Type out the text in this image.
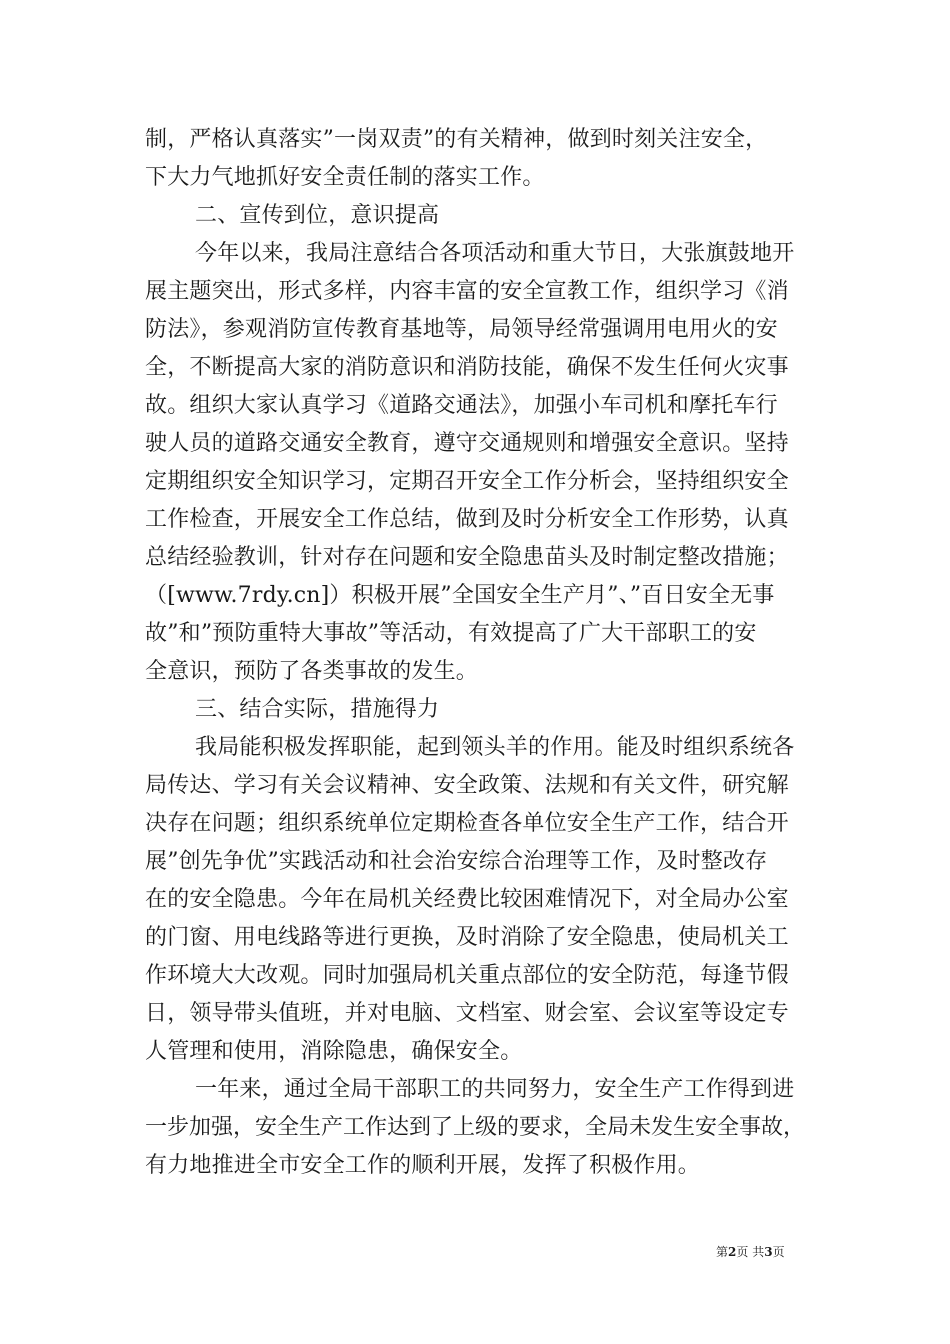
制，严格认真落实”一岗双责”的有关精神，做到时刻关注安全，
下大力气地抓好安全责任制的落实工作。
二、宣传到位，意识提高
今年以来，我局注意结合各项活动和重大节日，大张旗鼓地开
展主题突出，形式多样，内容丰富的安全宣教工作，组织学习《消
防法》，参观消防宣传教育基地等，局领导经常强调用电用火的安
全，不断提高大家的消防意识和消防技能，确保不发生任何火灾事
故。组织大家认真学习《道路交通法》，加强小车司机和摩托车行
驶人员的道路交通安全教育，遵守交通规则和增强安全意识。坚持
定期组织安全知识学习，定期召开安全工作分析会，坚持组织安全
工作检查，开展安全工作总结，做到及时分析安全工作形势，认真
总结经验教训，针对存在问题和安全隐患苗头及时制定整改措施；
（[www.7rdy.cn]）积极开展”全国安全生产月”、”百日安全无事
故”和”预防重特大事故”等活动，有效提高了广大干部职工的安
全意识，预防了各类事故的发生。
三、结合实际，措施得力
我局能积极发挥职能，起到领头羊的作用。能及时组织系统各
局传达、学习有关会议精神、安全政策、法规和有关文件，研究解
决存在问题；组织系统单位定期检查各单位安全生产工作，结合开
展”创先争优”实践活动和社会治安综合治理等工作，及时整改存
在的安全隐患。今年在局机关经费比较困难情况下，对全局办公室
的门窗、用电线路等进行更换，及时消除了安全隐患，使局机关工
作环境大大改观。同时加强局机关重点部位的安全防范，每逢节假
日，领导带头值班，并对电脑、文档室、财会室、会议室等设定专
人管理和使用，消除隐患，确保安全。
一年来，通过全局干部职工的共同努力，安全生产工作得到进
一步加强，安全生产工作达到了上级的要求，全局未发生安全事故，
有力地推进全市安全工作的顺利开展，发挥了积极作用。
第2页 共3页
